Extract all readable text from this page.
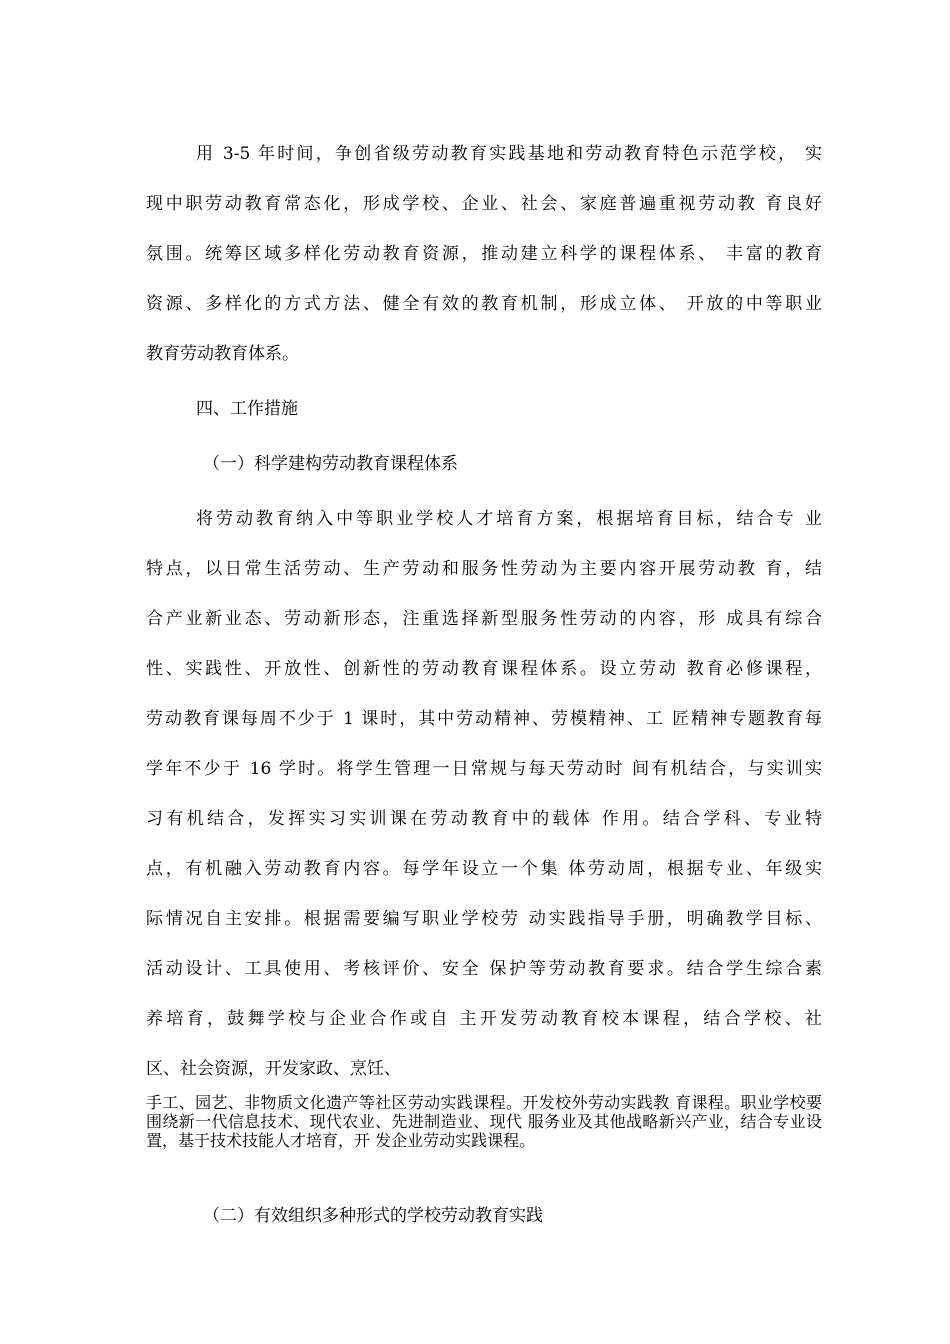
用 3-5 年时间，争创省级劳动教育实践基地和劳动教育特色示范学校， 实
现中职劳动教育常态化，形成学校、企业、社会、家庭普遍重视劳动教 育良好
氛围。统筹区域多样化劳动教育资源，推动建立科学的课程体系、 丰富的教育
资源、多样化的方式方法、健全有效的教育机制，形成立体、 开放的中等职业
教育劳动教育体系。
四、工作措施
（一）科学建构劳动教育课程体系
将劳动教育纳入中等职业学校人才培育方案，根据培育目标，结合专 业
特点，以日常生活劳动、生产劳动和服务性劳动为主要内容开展劳动教 育，结
合产业新业态、劳动新形态，注重选择新型服务性劳动的内容，形 成具有综合
性、实践性、开放性、创新性的劳动教育课程体系。设立劳动 教育必修课程，
劳动教育课每周不少于 1 课时，其中劳动精神、劳模精神、工 匠精神专题教育每
学年不少于 16 学时。将学生管理一日常规与每天劳动时 间有机结合，与实训实
习有机结合，发挥实习实训课在劳动教育中的载体 作用。结合学科、专业特
点，有机融入劳动教育内容。每学年设立一个集 体劳动周，根据专业、年级实
际情况自主安排。根据需要编写职业学校劳 动实践指导手册，明确教学目标、
活动设计、工具使用、考核评价、安全 保护等劳动教育要求。结合学生综合素
养培育，鼓舞学校与企业合作或自 主开发劳动教育校本课程，结合学校、社
区、社会资源，开发家政、烹饪、
手工、园艺、非物质文化遗产等社区劳动实践课程。开发校外劳动实践教 育课程。职业学校要围绕新一代信息技术、现代农业、先进制造业、现代 服务业及其他战略新兴产业，结合专业设置，基于技术技能人才培育，开 发企业劳动实践课程。
（二）有效组织多种形式的学校劳动教育实践
